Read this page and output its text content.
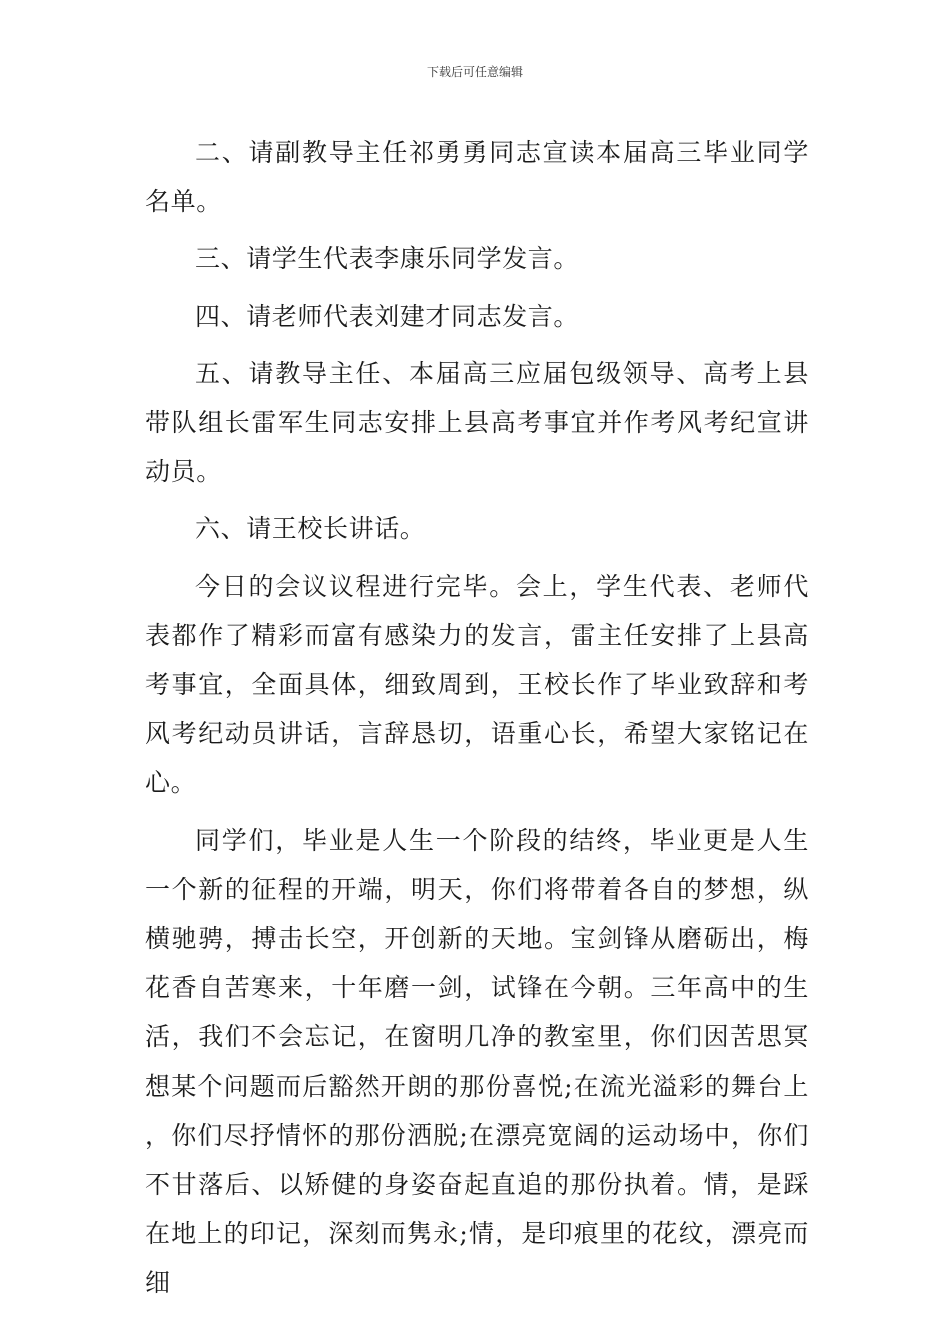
下载后可任意编辑

二、请副教导主任祁勇勇同志宣读本届高三毕业同学名单。

三、请学生代表李康乐同学发言。

四、请老师代表刘建才同志发言。

五、请教导主任、本届高三应届包级领导、高考上县带队组长雷军生同志安排上县高考事宜并作考风考纪宣讲动员。

六、请王校长讲话。

今日的会议议程进行完毕。会上，学生代表、老师代表都作了精彩而富有感染力的发言，雷主任安排了上县高考事宜，全面具体，细致周到，王校长作了毕业致辞和考风考纪动员讲话，言辞恳切，语重心长，希望大家铭记在心。

同学们，毕业是人生一个阶段的结终，毕业更是人生一个新的征程的开端，明天，你们将带着各自的梦想，纵横驰骋，搏击长空，开创新的天地。宝剑锋从磨砺出，梅花香自苦寒来，十年磨一剑，试锋在今朝。三年高中的生活，我们不会忘记，在窗明几净的教室里，你们因苦思冥想某个问题而后豁然开朗的那份喜悦;在流光溢彩的舞台上，你们尽抒情怀的那份洒脱;在漂亮宽阔的运动场中，你们不甘落后、以矫健的身姿奋起直追的那份执着。情，是踩在地上的印记，深刻而隽永;情，是印痕里的花纹，漂亮而细
